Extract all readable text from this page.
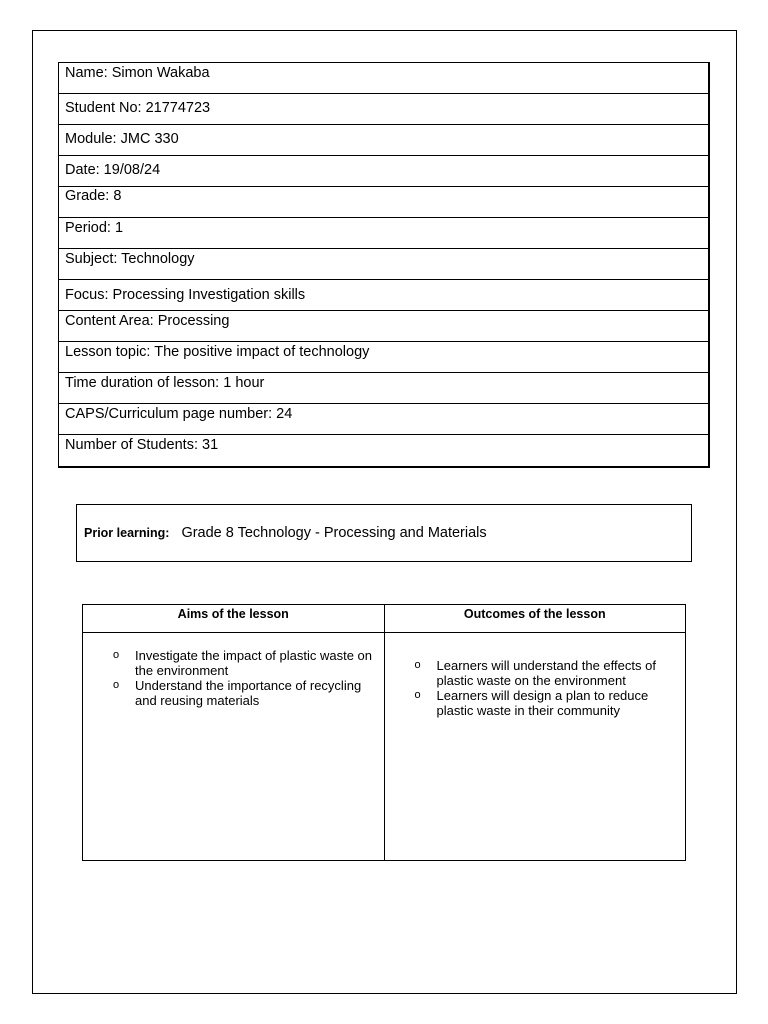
Name: Simon Wakaba
Student No: 21774723
Module: JMC 330
Date: 19/08/24
Grade: 8
Period: 1
Subject: Technology
Focus: Processing Investigation skills
Content Area: Processing
Lesson topic: The positive impact of technology
Time duration of lesson: 1 hour
CAPS/Curriculum page number: 24
Number of Students: 31
Prior learning: Grade 8 Technology - Processing and Materials
Aims of the lesson	Outcomes of the lesson
o Investigate the impact of plastic waste on the environment
o Understand the importance of recycling and reusing materials
o Learners will understand the effects of plastic waste on the environment
o Learners will design a plan to reduce plastic waste in their community
